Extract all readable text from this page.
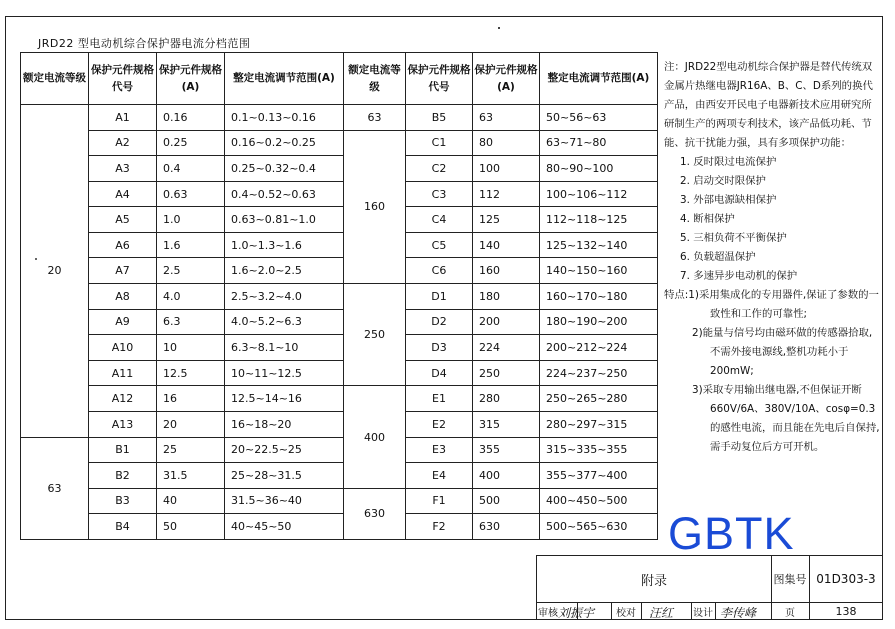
JRD22 型电动机综合保护器电流分档范围
额定电流等级	保护元件规格代号	保护元件规格(A)	整定电流调节范围(A)	额定电流等级	保护元件规格代号	保护元件规格(A)	整定电流调节范围(A)
20	A1	0.16	0.1~0.13~0.16	63	B5	63	50~56~63
	A2	0.25	0.16~0.2~0.25	160	C1	80	63~71~80
	A3	0.4	0.25~0.32~0.4		C2	100	80~90~100
	A4	0.63	0.4~0.52~0.63		C3	112	100~106~112
	A5	1.0	0.63~0.81~1.0		C4	125	112~118~125
	A6	1.6	1.0~1.3~1.6		C5	140	125~132~140
	A7	2.5	1.6~2.0~2.5		C6	160	140~150~160
	A8	4.0	2.5~3.2~4.0	250	D1	180	160~170~180
	A9	6.3	4.0~5.2~6.3		D2	200	180~190~200
	A10	10	6.3~8.1~10		D3	224	200~212~224
	A11	12.5	10~11~12.5		D4	250	224~237~250
	A12	16	12.5~14~16	400	E1	280	250~265~280
	A13	20	16~18~20		E2	315	280~297~315
63	B1	25	20~22.5~25		E3	355	315~335~355
	B2	31.5	25~28~31.5		E4	400	355~377~400
	B3	40	31.5~36~40	630	F1	500	400~450~500
	B4	50	40~45~50		F2	630	500~565~630

注：JRD22型电动机综合保护器是替代传统双金属片热继电器JR16A、B、C、D系列的换代产品，由西安开民电子电器新技术应用研究所研制生产的两项专利技术，该产品低功耗、节能、抗干扰能力强，具有多项保护功能：

1. 反时限过电流保护
2. 启动交时限保护
3. 外部电源缺相保护
4. 断相保护
5. 三相负荷不平衡保护
6. 负载超温保护
7. 多速异步电动机的保护
特点:1)采用集成化的专用器件,保证了参数的一致性和工作的可靠性;
2)能量与信号均由磁环做的传感器拾取,不需外接电源线,整机功耗小于200mW;
3)采取专用输出继电器,不但保证开断660V/6A、380V/10A、cosφ=0.3的感性电流，而且能在先电后自保持,需手动复位后方可开机。
GBTK
附录	图集号 01D303-3
审核 刘振宇	校对	汪红 设计 李传峰	页	138
